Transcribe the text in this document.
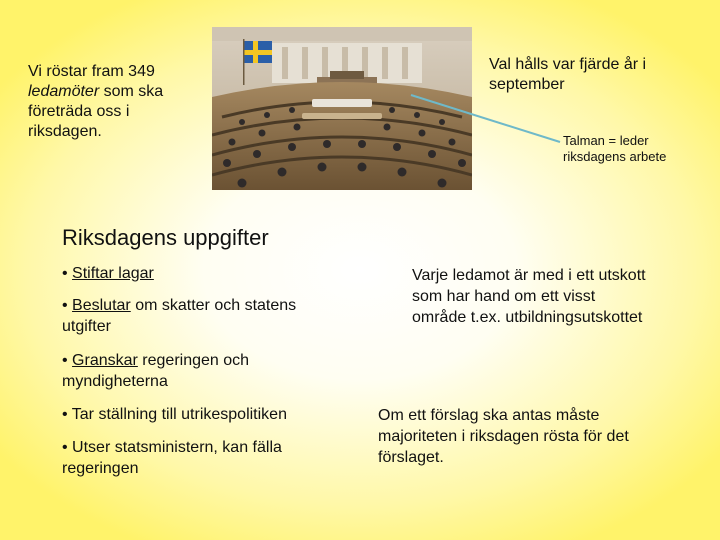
Vi röstar fram 349 ledamöter som ska företräda oss i riksdagen.
Val hålls var fjärde år i september
Talman = leder riksdagens arbete
Riksdagens uppgifter
• Stiftar lagar
• Beslutar om skatter och statens utgifter
• Granskar regeringen och myndigheterna
• Tar ställning till utrikespolitiken
• Utser statsministern, kan fälla regeringen
Varje ledamot är med i ett utskott som har hand om ett visst område t.ex. utbildningsutskottet
Om ett förslag ska antas måste majoriteten i riksdagen rösta för det förslaget.
